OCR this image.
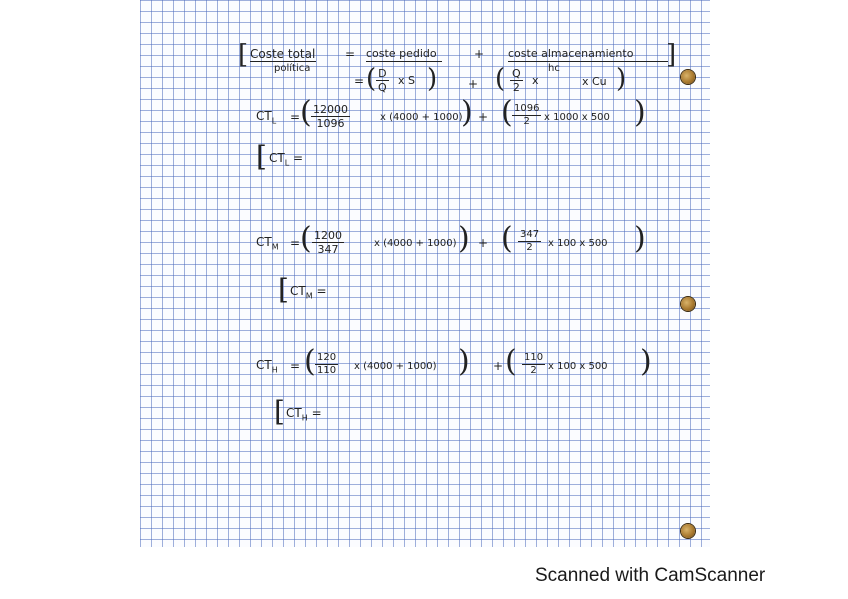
[ Coste total
política
= coste pedido	+ coste almacenamiento ]
= ( $\frac{D}{Q}$ x S )	+ ( $\frac{Q}{2}$ x
hc
x Cu )
$CT_L$ = ( $\frac{12000}{1096}$	x (4000 + 1000)
) + ( $\frac{1096}{2}$ x 1000 x 500 )
[ $CT_L$ =
$CT_M$ = ( $\frac{1200}{347}$	x (4000 + 1000) ) + ( $\frac{347}{2}$ x 100 x 500 )
[ $CT_M$ =
$CT_H$ = ( $\frac{120}{110}$ x (4000 + 1000) ) + ( $\frac{110}{2}$ x 100 x 500 )
[ $CT_H$ =
Scanned with CamScanner
